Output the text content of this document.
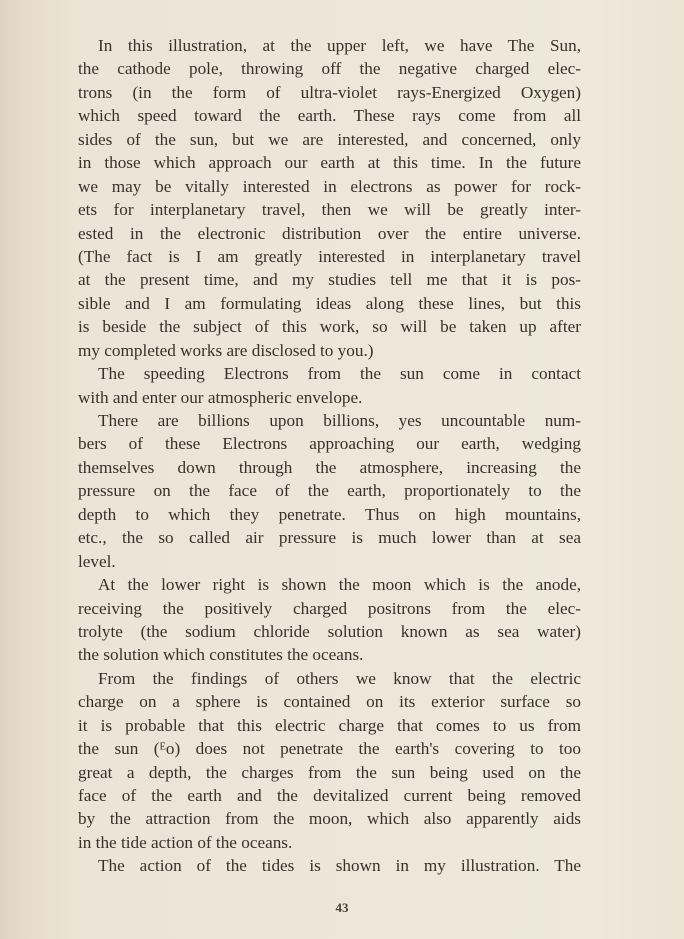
In this illustration, at the upper left, we have The Sun,
the cathode pole, throwing off the negative charged elec-
trons (in the form of ultra-violet rays-Energized Oxygen)
which speed toward the earth. These rays come from all
sides of the sun, but we are interested, and concerned, only
in those which approach our earth at this time. In the future
we may be vitally interested in electrons as power for rock-
ets for interplanetary travel, then we will be greatly inter-
ested in the electronic distribution over the entire universe.
(The fact is I am greatly interested in interplanetary travel
at the present time, and my studies tell me that it is pos-
sible and I am formulating ideas along these lines, but this
is beside the subject of this work, so will be taken up after
my completed works are disclosed to you.)
The speeding Electrons from the sun come in contact
with and enter our atmospheric envelope.
There are billions upon billions, yes uncountable num-
bers of these Electrons approaching our earth, wedging
themselves down through the atmosphere, increasing the
pressure on the face of the earth, proportionately to the
depth to which they penetrate. Thus on high mountains,
etc., the so called air pressure is much lower than at sea
level.
At the lower right is shown the moon which is the anode,
receiving the positively charged positrons from the elec-
trolyte (the sodium chloride solution known as sea water)
the solution which constitutes the oceans.
From the findings of others we know that the electric
charge on a sphere is contained on its exterior surface so
it is probable that this electric charge that comes to us from
the sun (ᴱo) does not penetrate the earth's covering to too
great a depth, the charges from the sun being used on the
face of the earth and the devitalized current being removed
by the attraction from the moon, which also apparently aids
in the tide action of the oceans.
The action of the tides is shown in my illustration. The
43
